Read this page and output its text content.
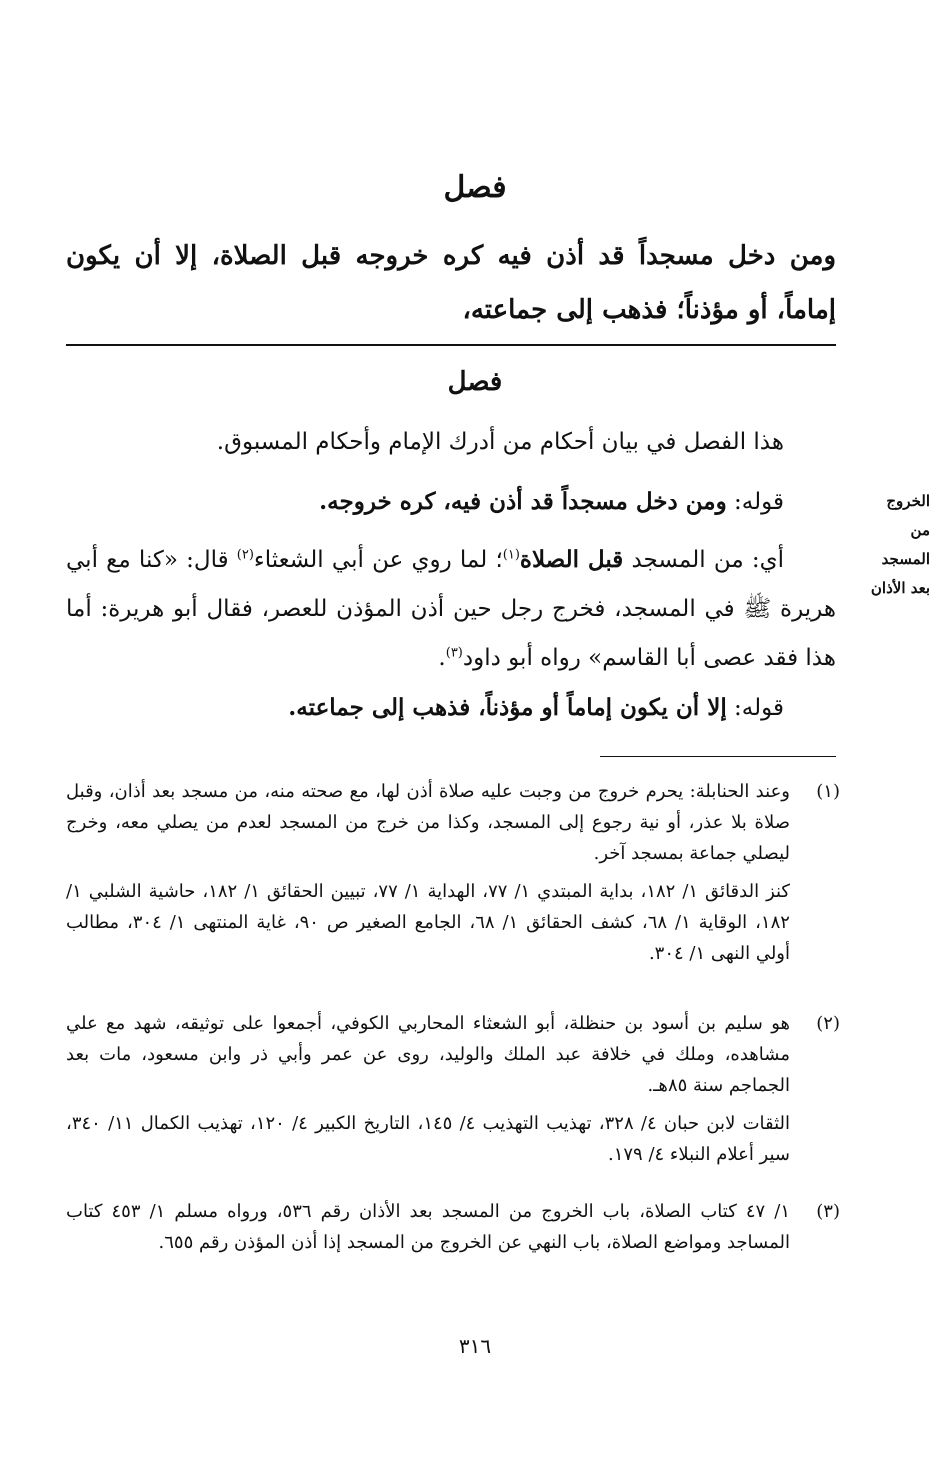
فصل

ومن دخل مسجداً قد أذن فيه كره خروجه قبل الصلاة، إلا أن يكون إماماً، أو مؤذناً؛ فذهب إلى جماعته،

فصل

هذا الفصل في بيان أحكام من أدرك الإمام وأحكام المسبوق.

قوله: ومن دخل مسجداً قد أذن فيه، كره خروجه.

أي: من المسجد قبل الصلاة$^{(١)}$؛ لما روي عن أبي الشعثاء$^{(٢)}$ قال: «كنا مع أبي هريرة ﷺ في المسجد، فخرج رجل حين أذن المؤذن للعصر، فقال أبو هريرة: أما هذا فقد عصى أبا القاسم» رواه أبو داود$^{(٣)}$.

قوله: إلا أن يكون إماماً أو مؤذناً، فذهب إلى جماعته.

الخروج
من
المسجد
بعد الأذان
(١)
وعند الحنابلة: يحرم خروج من وجبت عليه صلاة أذن لها، مع صحته منه، من مسجد بعد أذان، وقبل صلاة بلا عذر، أو نية رجوع إلى المسجد، وكذا من خرج من المسجد لعدم من يصلي معه، وخرج ليصلي جماعة بمسجد آخر.
كنز الدقائق ١/ ١٨٢، بداية المبتدي ١/ ٧٧، الهداية ١/ ٧٧، تبيين الحقائق ١/ ١٨٢، حاشية الشلبي ١/ ١٨٢، الوقاية ١/ ٦٨، كشف الحقائق ١/ ٦٨، الجامع الصغير ص ٩٠، غاية المنتهى ١/ ٣٠٤، مطالب أولي النهى ١/ ٣٠٤.
(٢)
هو سليم بن أسود بن حنظلة، أبو الشعثاء المحاربي الكوفي، أجمعوا على توثيقه، شهد مع علي مشاهده، وملك في خلافة عبد الملك والوليد، روى عن عمر وأبي ذر وابن مسعود، مات بعد الجماجم سنة ٨٥هـ.
الثقات لابن حبان ٤/ ٣٢٨، تهذيب التهذيب ٤/ ١٤٥، التاريخ الكبير ٤/ ١٢٠، تهذيب الكمال ١١/ ٣٤٠، سير أعلام النبلاء ٤/ ١٧٩.
(٣)
١/ ٤٧ كتاب الصلاة، باب الخروج من المسجد بعد الأذان رقم ٥٣٦، ورواه مسلم ١/ ٤٥٣ كتاب المساجد ومواضع الصلاة، باب النهي عن الخروج من المسجد إذا أذن المؤذن رقم ٦٥٥.
٣١٦
